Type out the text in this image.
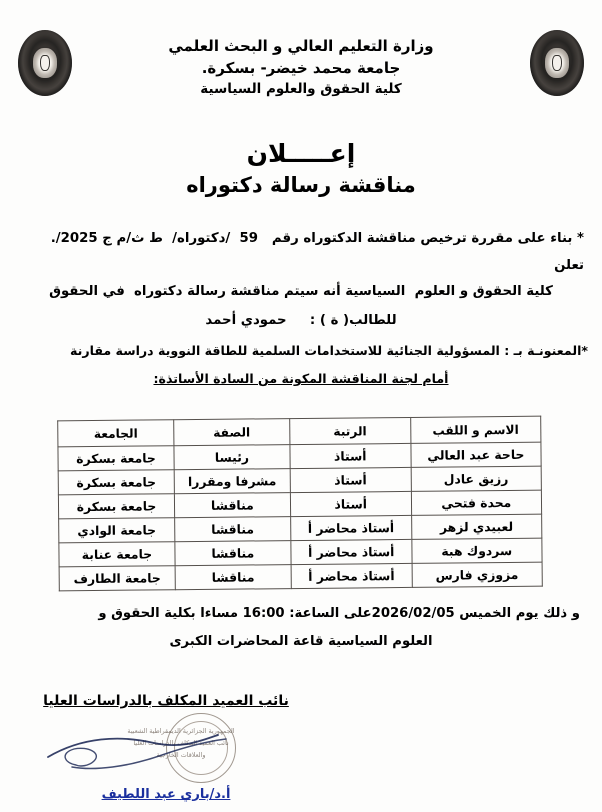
وزارة التعليم العالي و البحث العلمي
جامعة محمد خيضر- بسكرة.
كلية الحقوق والعلوم السياسية
إعـــــلان
مناقشة رسالة دكتوراه
* بناء على مقررة ترخيص مناقشة الدكتوراه رقم   59  /دكتوراه/  ط ث/م ج 2025/. تعلن
كلية الحقوق و العلوم  السياسية أنه سيتم مناقشة رسالة دكتوراه  في الحقوق
للطالب( ة ) :  حمودي أحمد
*المعنونـة بـ : المسؤولية الجنائية للاستخدامات السلمية للطاقة النووية دراسة مقارنة
أمام لجنة المناقشة المكونة من السادة الأساتذة:
الاسم و اللقب	الرتبة	الصفة	الجامعة
حاحة عبد العالي	أستاذ	رئيسا	جامعة بسكرة
رزيق عادل	أستاذ	مشرفا ومقررا	جامعة بسكرة
محدة فتحي	أستاذ	مناقشا	جامعة بسكرة
لعبيدي لزهر	أستاذ محاضر أ	مناقشا	جامعة الوادي
سردوك هبة	أستاذ محاضر أ	مناقشا	جامعة عنابة
مزوزي فارس	أستاذ محاضر أ	مناقشا	جامعة الطارف
و ذلك يوم الخميس 2026/02/05على الساعة: 16:00 مساءا بكلية الحقوق و
العلوم السياسية قاعة المحاضرات الكبرى
نائب العميد المكلف بالدراسات العليا
الجمهورية الجزائرية الديمقراطية الشعبية
نائب العميد المكلف بالدراسات العليا
والعلاقات الخارجية
أ.د/باري عبد اللطيف
